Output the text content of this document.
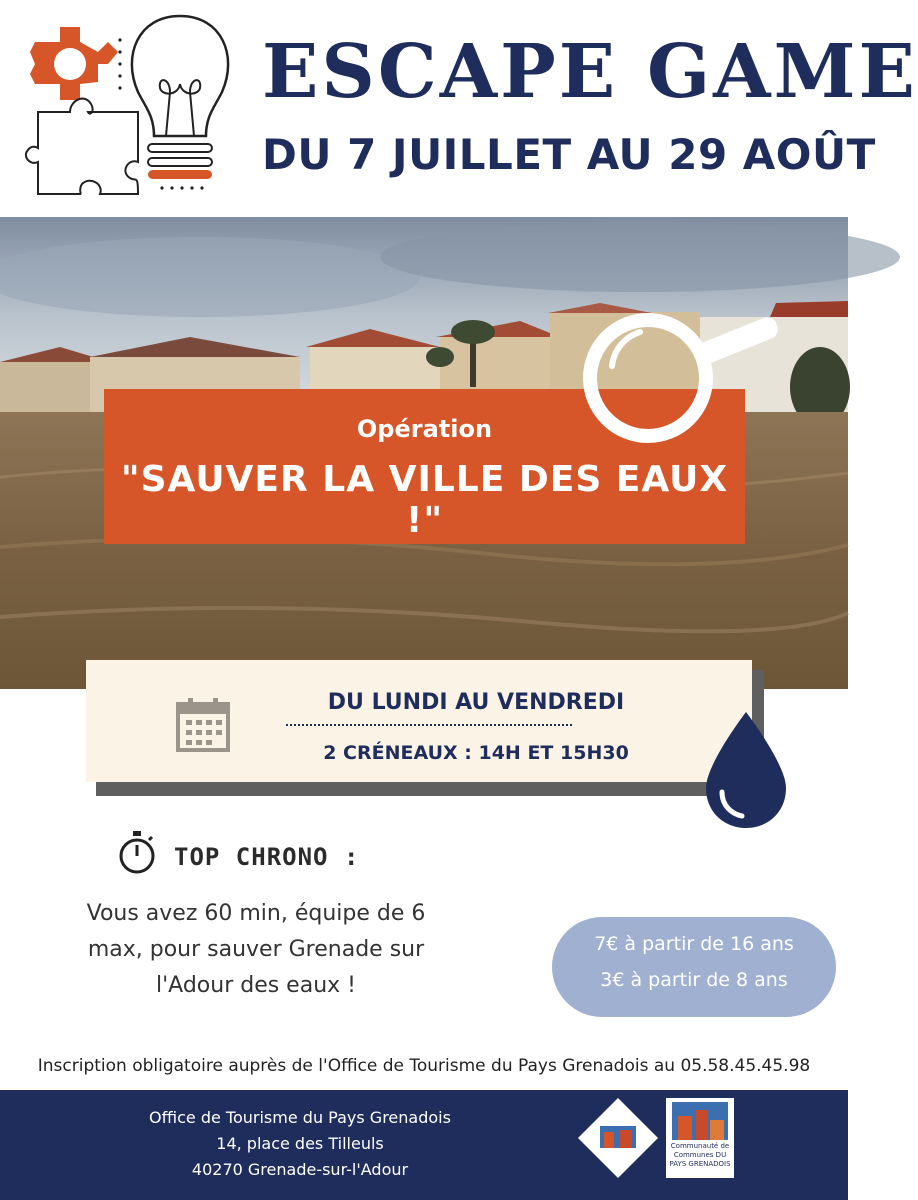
ESCAPE GAME
DU 7 JUILLET AU 29 AOÛT
Opération
"SAUVER LA VILLE DES EAUX !"
DU LUNDI AU VENDREDI
2 CRÉNEAUX : 14H ET 15H30
TOP CHRONO :
Vous avez 60 min, équipe de 6 max, pour sauver Grenade sur l'Adour des eaux !
7€ à partir de 16 ans
3€ à partir de 8 ans
Inscription obligatoire auprès de l'Office de Tourisme du Pays Grenadois au 05.58.45.45.98
Office de Tourisme du Pays Grenadois
14, place des Tilleuls
40270 Grenade-sur-l'Adour
Communauté de Communes DU PAYS GRENADOIS
